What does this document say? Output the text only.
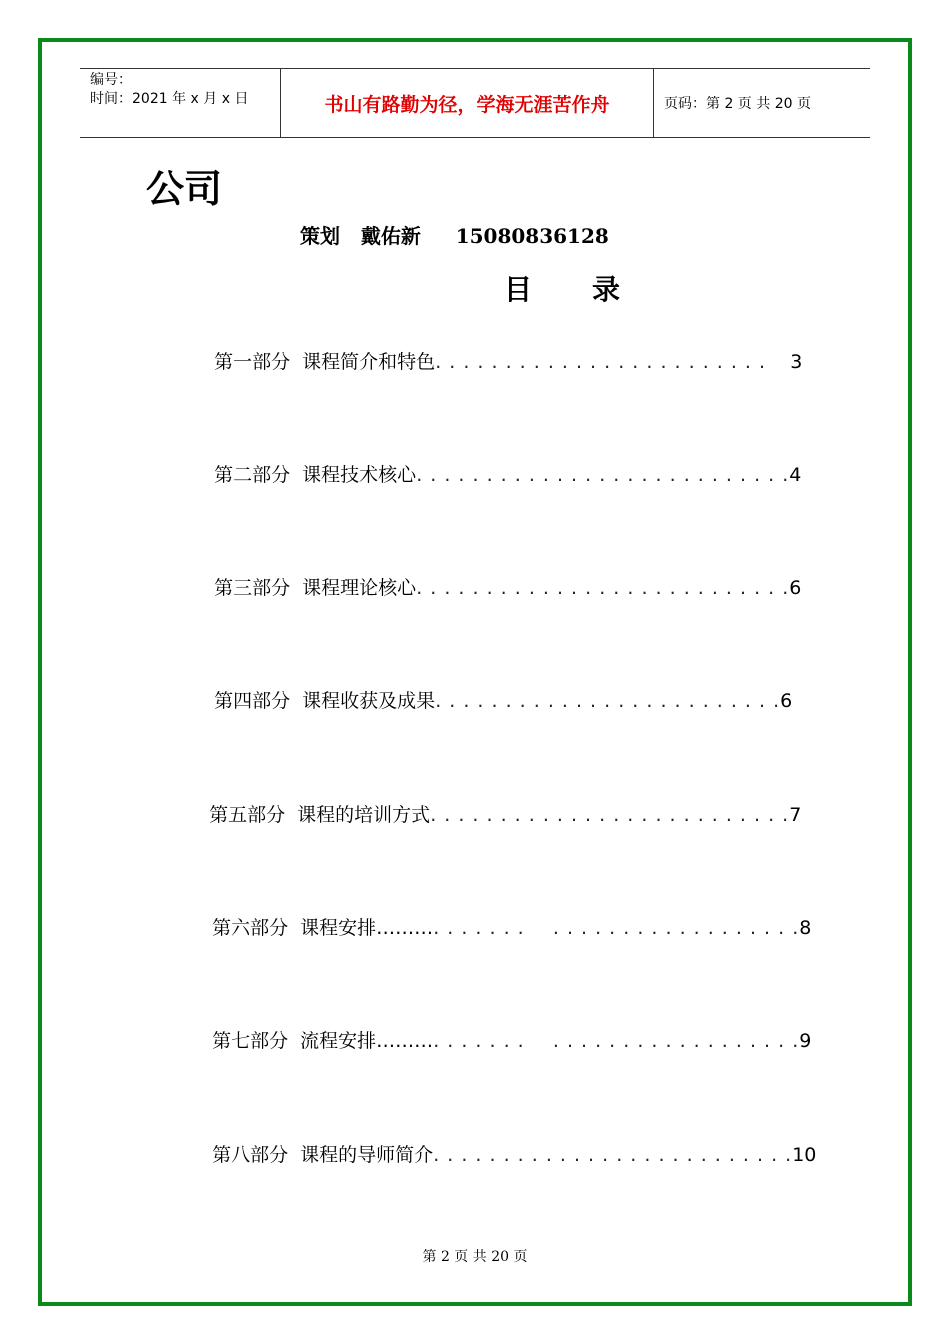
编号：
时间：2021 年 x 月 x 日	书山有路勤为径，学海无涯苦作舟	页码：第 2 页 共 20 页
公司
策划   戴佑新     15080836128
目录

第一部分  课程简介和特色. . . . . . . . . . . . . . . . . . . . . . . . 3

第二部分  课程技术核心. . . . . . . . . . . . . . . . . . . . . . . . . . .4

第三部分  课程理论核心. . . . . . . . . . . . . . . . . . . . . . . . . . .6

第四部分  课程收获及成果. . . . . . . . . . . . . . . . . . . . . . . . .6

第五部分  课程的培训方式. . . . . . . . . . . . . . . . . . . . . . . . . .7

第六部分  课程安排………. . . . . . .    . . . . . . . . . . . . . . . . . .8

第七部分  流程安排………. . . . . . .    . . . . . . . . . . . . . . . . . .9

第八部分  课程的导师简介. . . . . . . . . . . . . . . . . . . . . . . . . .10

第 2 页 共 20 页
